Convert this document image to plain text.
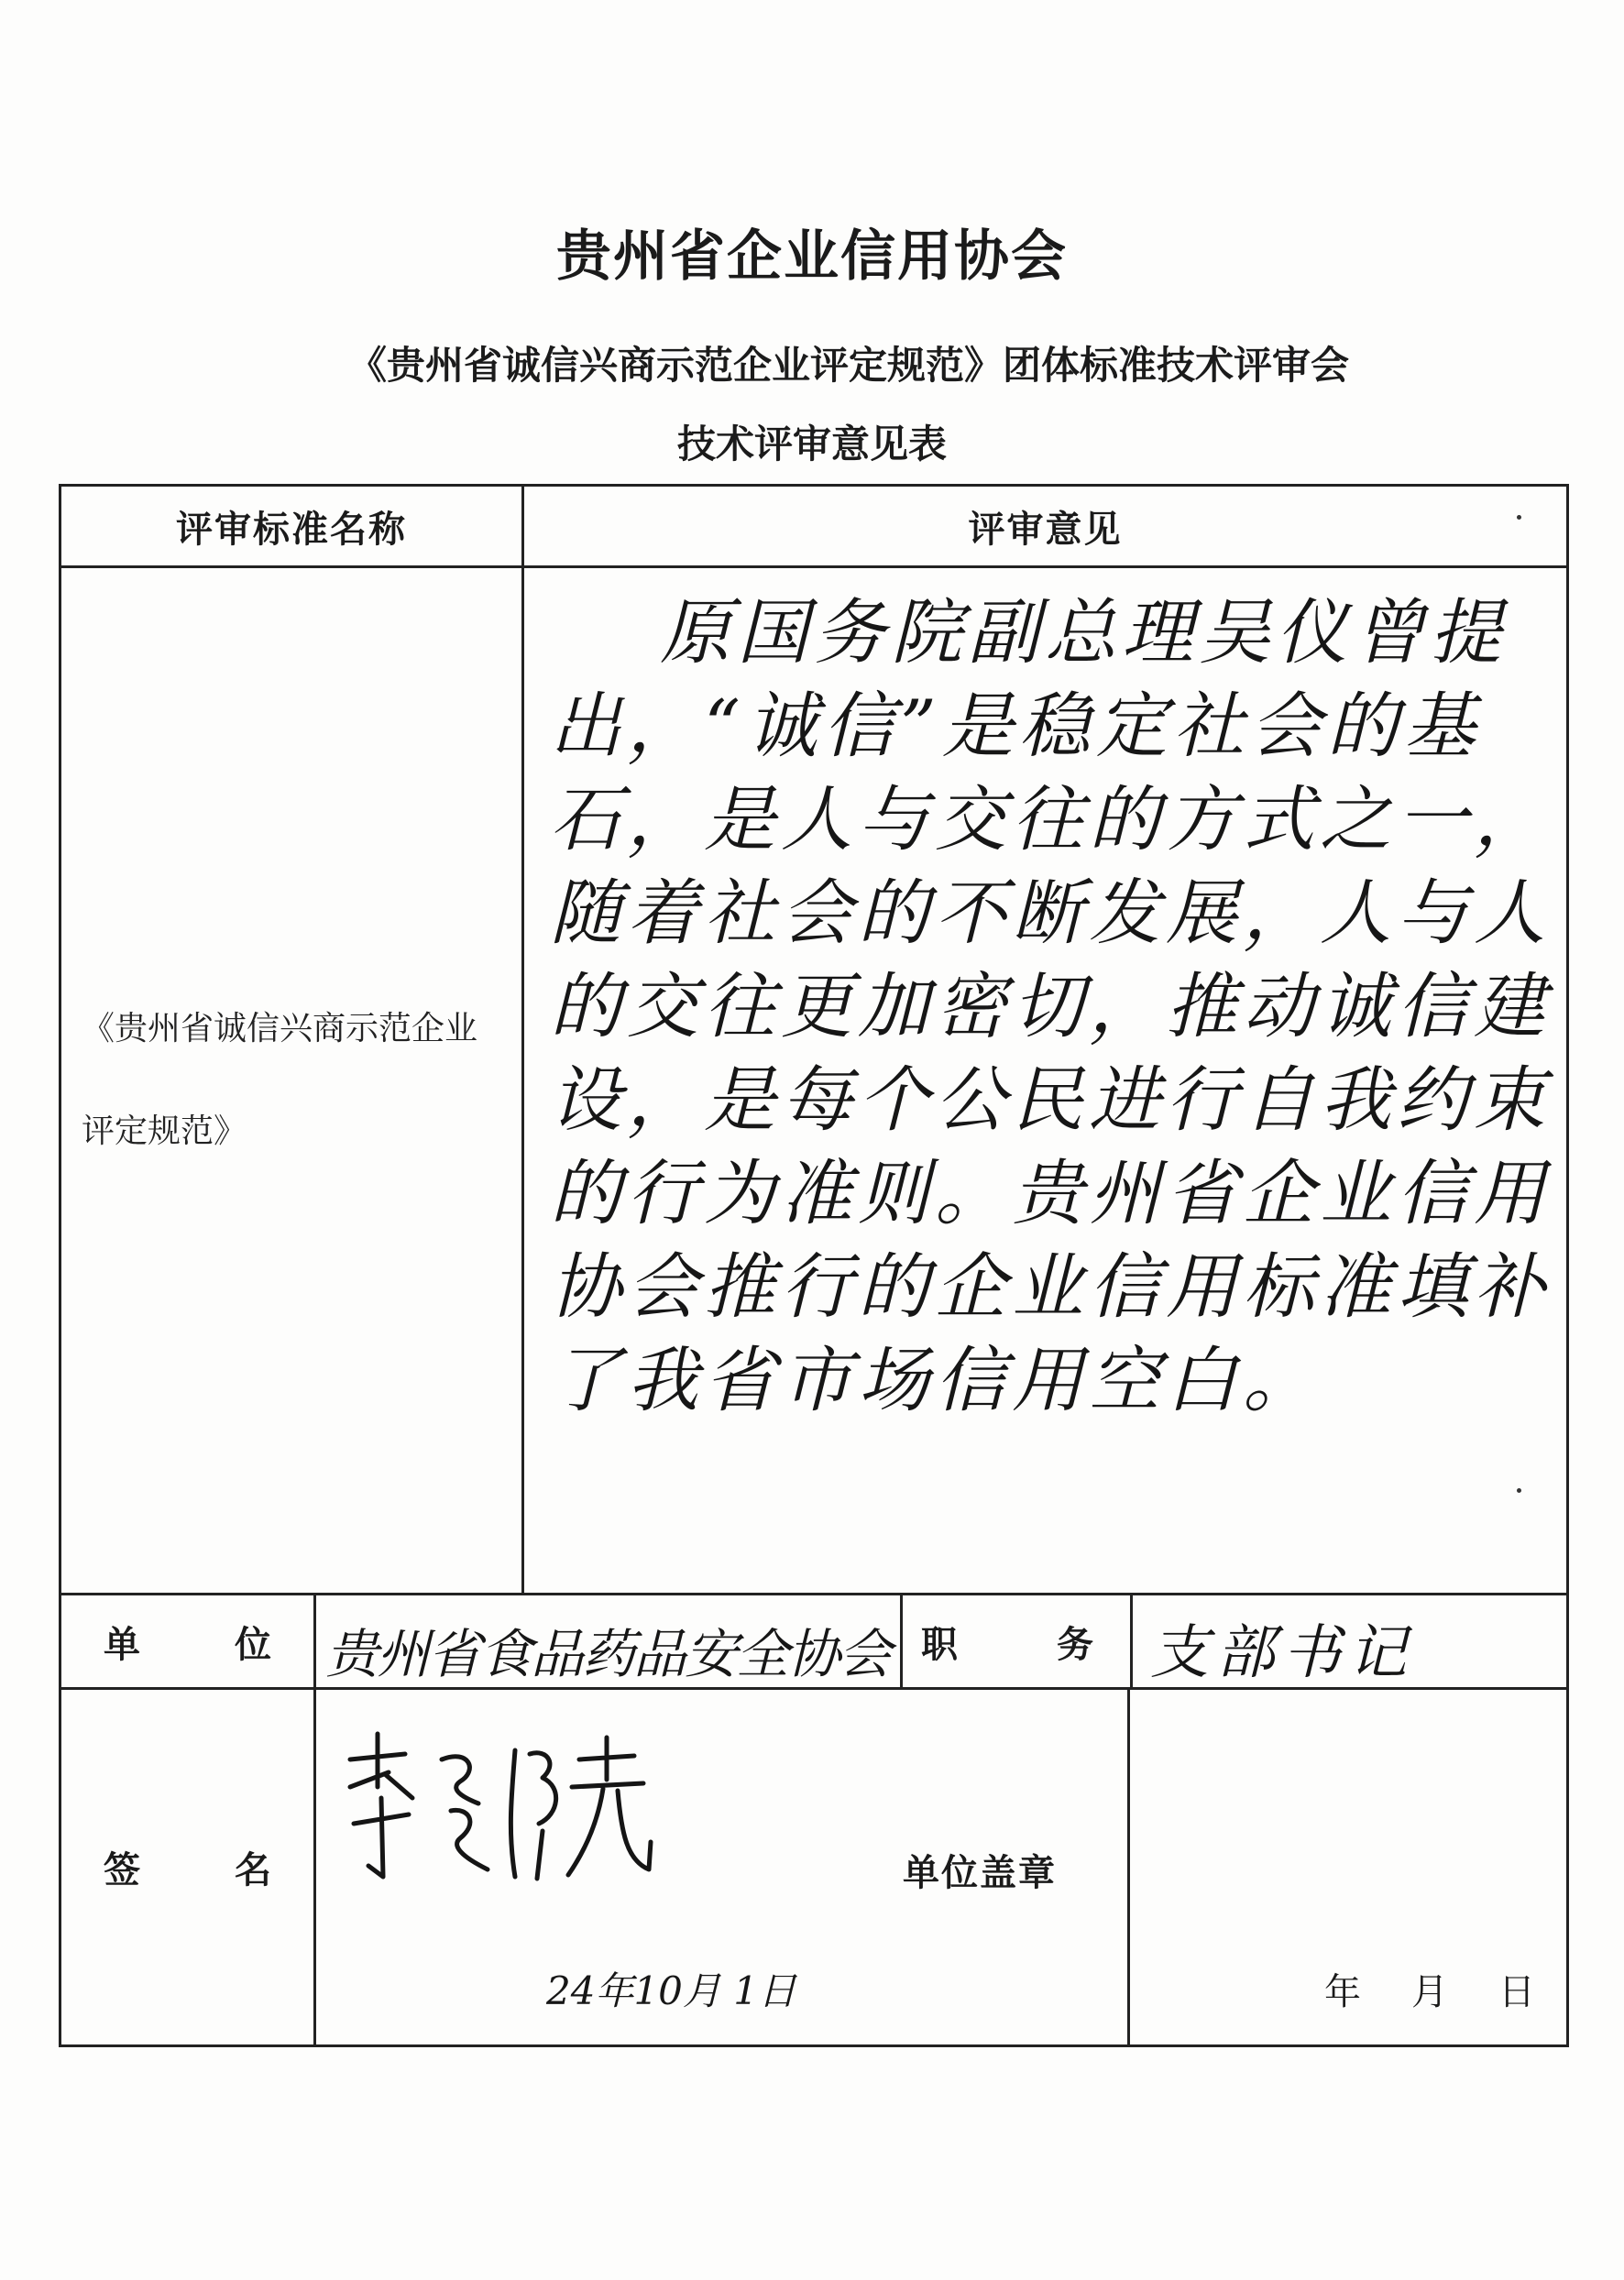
贵州省企业信用协会
《贵州省诚信兴商示范企业评定规范》团体标准技术评审会
技术评审意见表
评审标准名称	评审意见
《贵州省诚信兴商示范企业评定规范》

原国务院副总理吴仪曾提出，“诚信”是稳定社会的基石，是人与交往的方式之一，随着社会的不断发展，人与人的交往更加密切，推动诚信建设，是每个公民进行自我约束的行为准则。贵州省企业信用协会推行的企业信用标准填补了我省市场信用空白。

单	位 贵州省食品药品安全协会 职	务 支部书记
签	名
24年10月 1日
单位盖章
年 月 日
